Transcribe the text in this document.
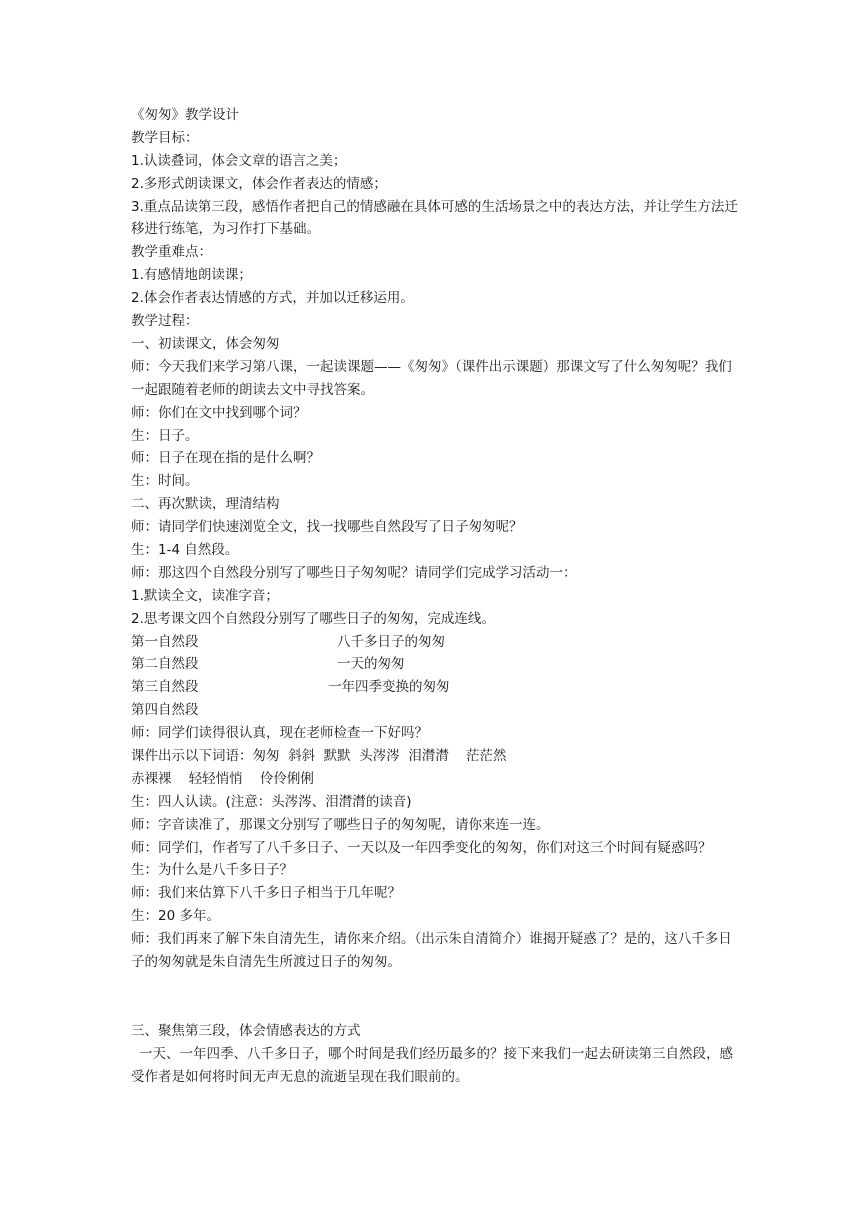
《匆匆》教学设计
教学目标：
1.认读叠词，体会文章的语言之美；
2.多形式朗读课文，体会作者表达的情感；
3.重点品读第三段，感悟作者把自己的情感融在具体可感的生活场景之中的表达方法，并让学生方法迁移进行练笔，为习作打下基础。
教学重难点：
1.有感情地朗读课；
2.体会作者表达情感的方式，并加以迁移运用。
教学过程：
一、初读课文，体会匆匆
师：今天我们来学习第八课，一起读课题——《匆匆》（课件出示课题）那课文写了什么匆匆呢？我们一起跟随着老师的朗读去文中寻找答案。
师：你们在文中找到哪个词？
生：日子。
师：日子在现在指的是什么啊？
生：时间。
二、再次默读，理清结构
师：请同学们快速浏览全文，找一找哪些自然段写了日子匆匆呢？
生：1-4 自然段。
师：那这四个自然段分别写了哪些日子匆匆呢？请同学们完成学习活动一：
1.默读全文，读准字音；
2.思考课文四个自然段分别写了哪些日子的匆匆，完成连线。
第一自然段	八千多日子的匆匆
第二自然段	一天的匆匆
第三自然段	一年四季变换的匆匆
第四自然段
师：同学们读得很认真，现在老师检查一下好吗？
课件出示以下词语：匆匆  斜斜  默默  头涔涔  泪潸潸    茫茫然
赤裸裸    轻轻悄悄    伶伶俐俐
生：四人认读。(注意：头涔涔、泪潸潸的读音)
师：字音读准了，那课文分别写了哪些日子的匆匆呢，请你来连一连。
师：同学们，作者写了八千多日子、一天以及一年四季变化的匆匆，你们对这三个时间有疑惑吗？
生：为什么是八千多日子？
师：我们来估算下八千多日子相当于几年呢？
生：20 多年。
师：我们再来了解下朱自清先生，请你来介绍。（出示朱自清简介）谁揭开疑惑了？是的，这八千多日子的匆匆就是朱自清先生所渡过日子的匆匆。
三、聚焦第三段，体会情感表达的方式
一天、一年四季、八千多日子，哪个时间是我们经历最多的？接下来我们一起去研读第三自然段，感受作者是如何将时间无声无息的流逝呈现在我们眼前的。
